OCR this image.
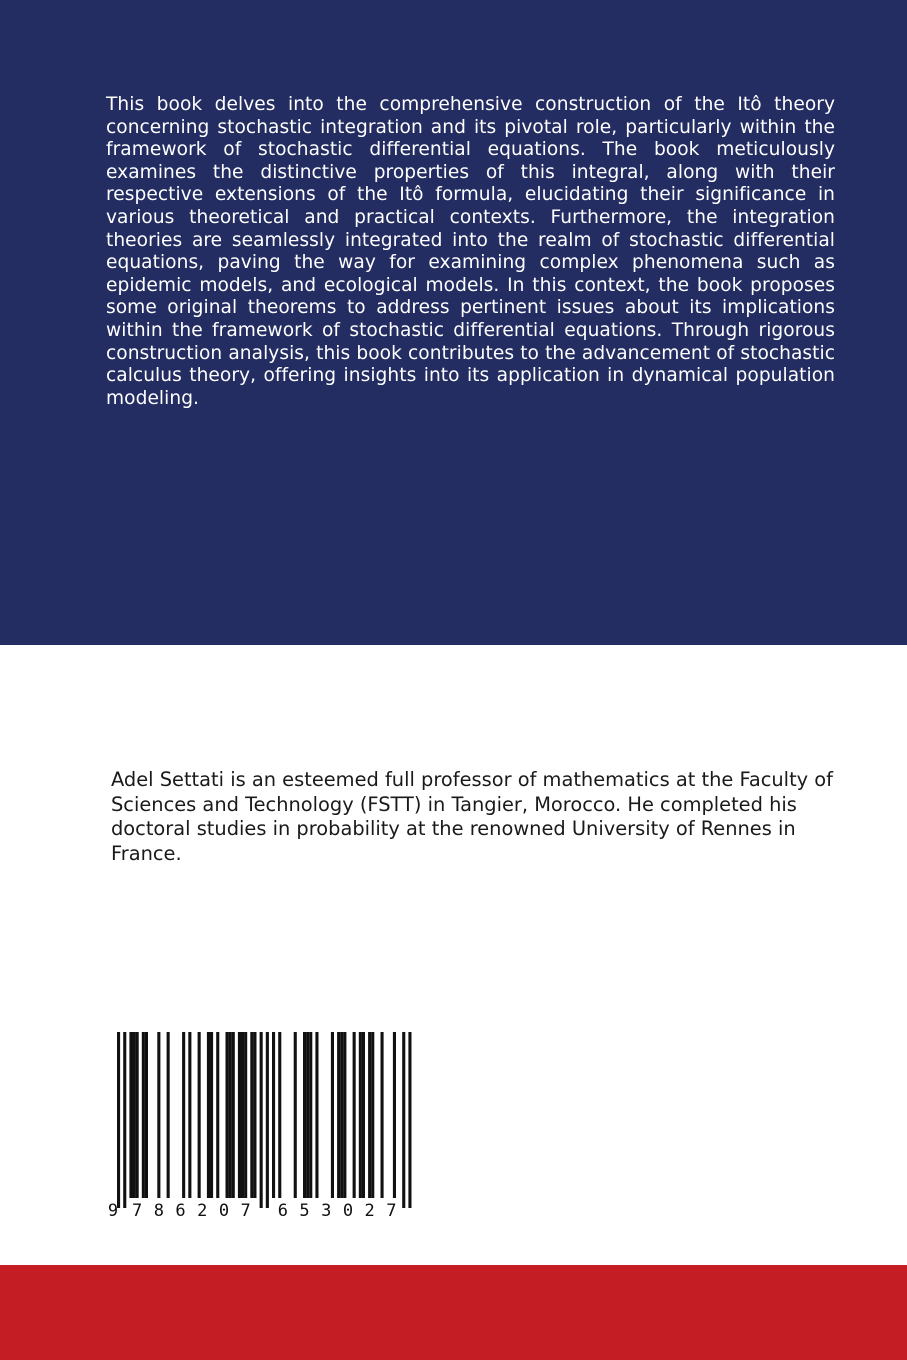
This book delves into the comprehensive construction of the Itô theory concerning stochastic integration and its pivotal role, particularly within the framework of stochastic differential equations. The book meticulously examines the distinctive properties of this integral, along with their respective extensions of the Itô formula, elucidating their significance in various theoretical and practical contexts. Furthermore, the integration theories are seamlessly integrated into the realm of stochastic differential equations, paving the way for examining complex phenomena such as epidemic models, and ecological models. In this context, the book proposes some original theorems to address pertinent issues about its implications within the framework of stochastic differential equations. Through rigorous construction analysis, this book contributes to the advancement of stochastic calculus theory, offering insights into its application in dynamical population modeling.

Adel Settati is an esteemed full professor of mathematics at the Faculty of Sciences and Technology (FSTT) in Tangier, Morocco. He completed his doctoral studies in probability at the renowned University of Rennes in France.

9 7 8 6 2 0 7 6 5 3 0 2 7
